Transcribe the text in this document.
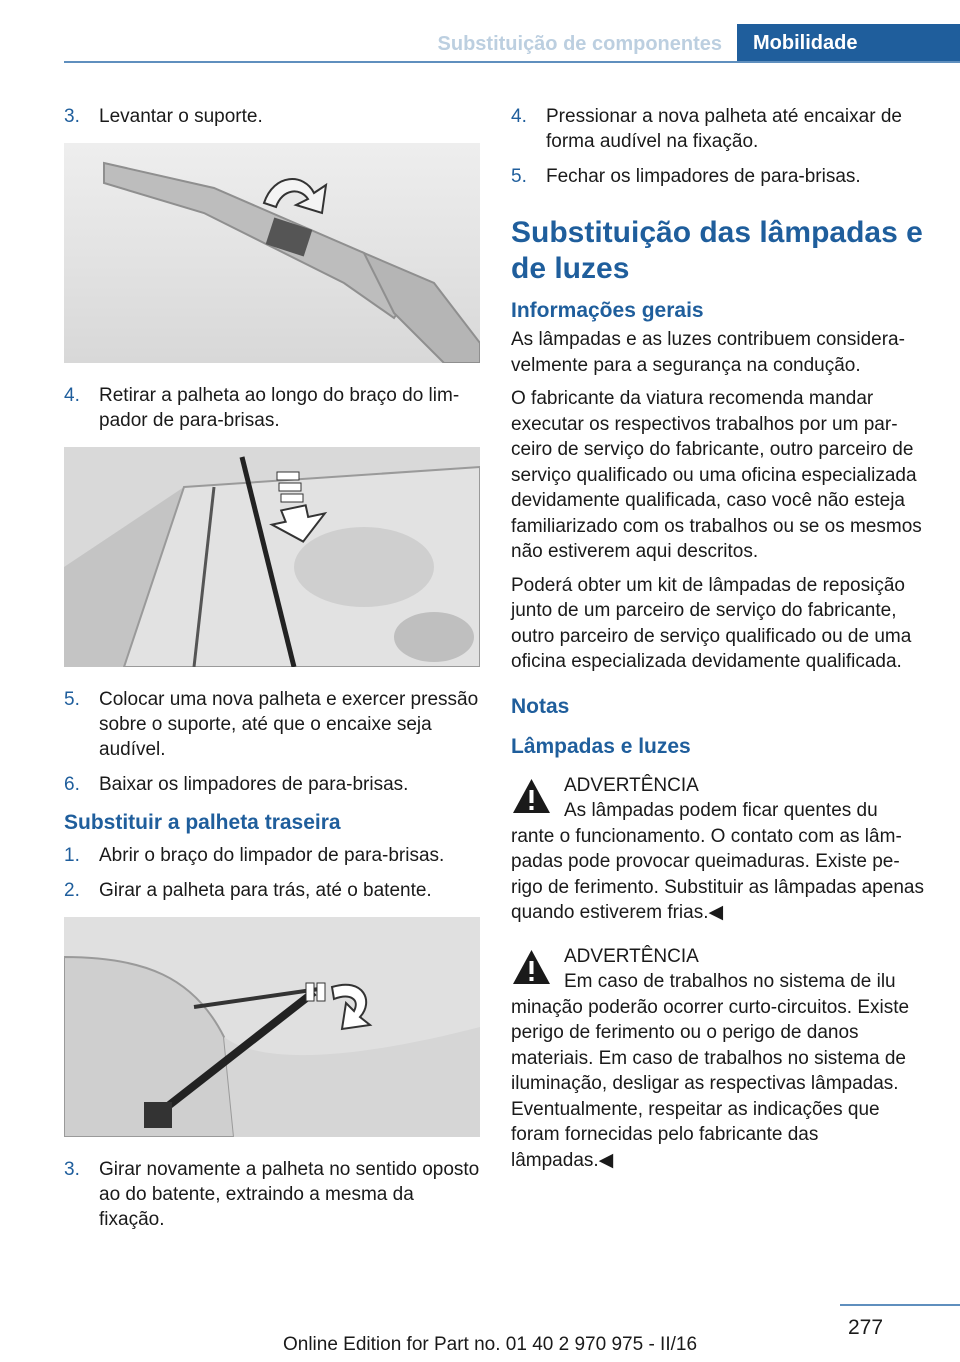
Substituição de componentes	Mobilidade
3.	Levantar o suporte.
4.	Retirar a palheta ao longo do braço do limpador de para-brisas.
5.	Colocar uma nova palheta e exercer pressão sobre o suporte, até que o encaixe seja audível.
6.	Baixar os limpadores de para-brisas.
Substituir a palheta traseira
1.	Abrir o braço do limpador de para-brisas.
2.	Girar a palheta para trás, até o batente.
3.	Girar novamente a palheta no sentido oposto ao do batente, extraindo a mesma da fixação.
4.	Pressionar a nova palheta até encaixar de forma audível na fixação.
5.	Fechar os limpadores de para-brisas.
Substituição das lâmpadas e de luzes
Informações gerais
As lâmpadas e as luzes contribuem consideravelmente para a segurança na condução.
O fabricante da viatura recomenda mandar executar os respectivos trabalhos por um parceiro de serviço do fabricante, outro parceiro de serviço qualificado ou uma oficina especializada devidamente qualificada, caso você não esteja familiarizado com os trabalhos ou se os mesmos não estiverem aqui descritos.
Poderá obter um kit de lâmpadas de reposição junto de um parceiro de serviço do fabricante, outro parceiro de serviço qualificado ou de uma oficina especializada devidamente qualificada.
Notas
Lâmpadas e luzes
ADVERTÊNCIA
As lâmpadas podem ficar quentes du
rante o funcionamento. O contato com as lâmpadas pode provocar queimaduras. Existe perigo de ferimento. Substituir as lâmpadas apenas quando estiverem frias.◀
ADVERTÊNCIA
Em caso de trabalhos no sistema de ilu
minação poderão ocorrer curto-circuitos. Existe perigo de ferimento ou o perigo de danos materiais. Em caso de trabalhos no sistema de iluminação, desligar as respectivas lâmpadas. Eventualmente, respeitar as indicações que foram fornecidas pelo fabricante das lâmpadas.◀
277
Online Edition for Part no. 01 40 2 970 975 - II/16
